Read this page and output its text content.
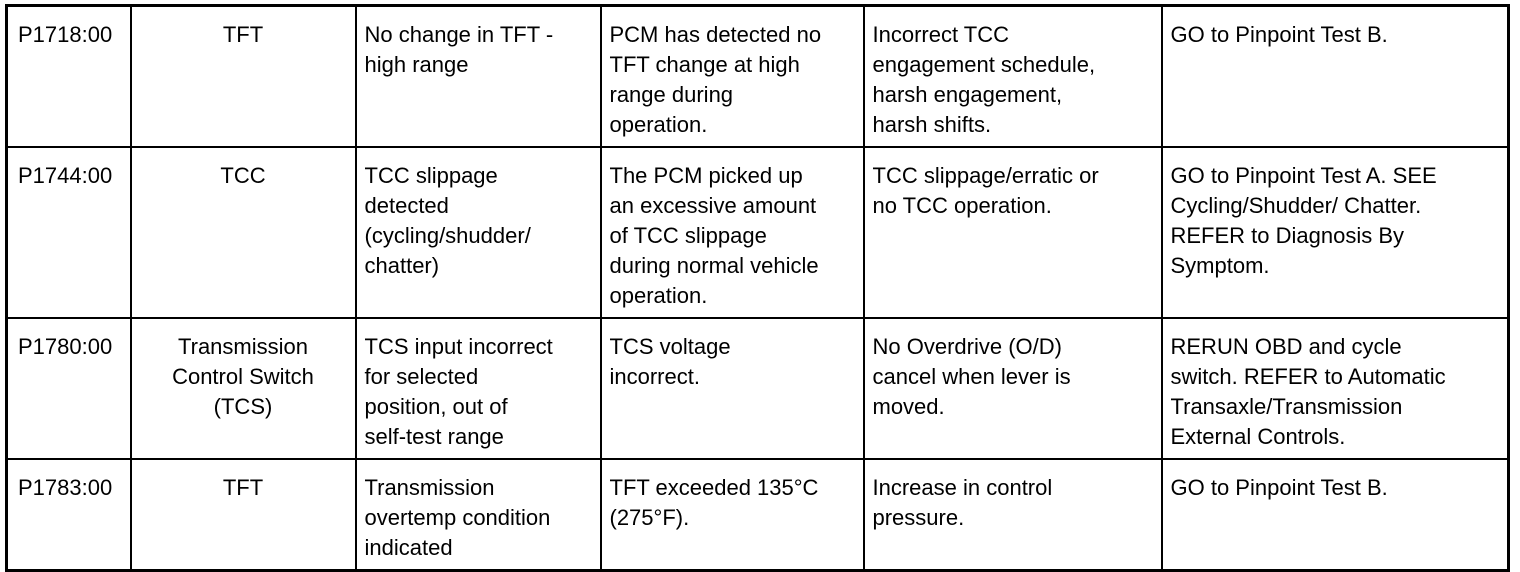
P1718:00	TFT	No change in TFT -
high range	PCM has detected no
TFT change at high
range during
operation.	Incorrect TCC
engagement schedule,
harsh engagement,
harsh shifts.	GO to Pinpoint Test B.

P1744:00	TCC	TCC slippage
detected
(cycling/shudder/
chatter)	The PCM picked up
an excessive amount
of TCC slippage
during normal vehicle
operation.	TCC slippage/erratic or
no TCC operation.	GO to Pinpoint Test A. SEE
Cycling/Shudder/ Chatter.
REFER to Diagnosis By
Symptom.

P1780:00	Transmission
Control Switch
(TCS)	TCS input incorrect
for selected
position, out of
self-test range	TCS voltage
incorrect.	No Overdrive (O/D)
cancel when lever is
moved.	RERUN OBD and cycle
switch. REFER to Automatic
Transaxle/Transmission
External Controls.

P1783:00	TFT	Transmission
overtemp condition
indicated	TFT exceeded 135°C
(275°F).	Increase in control
pressure.	GO to Pinpoint Test B.
